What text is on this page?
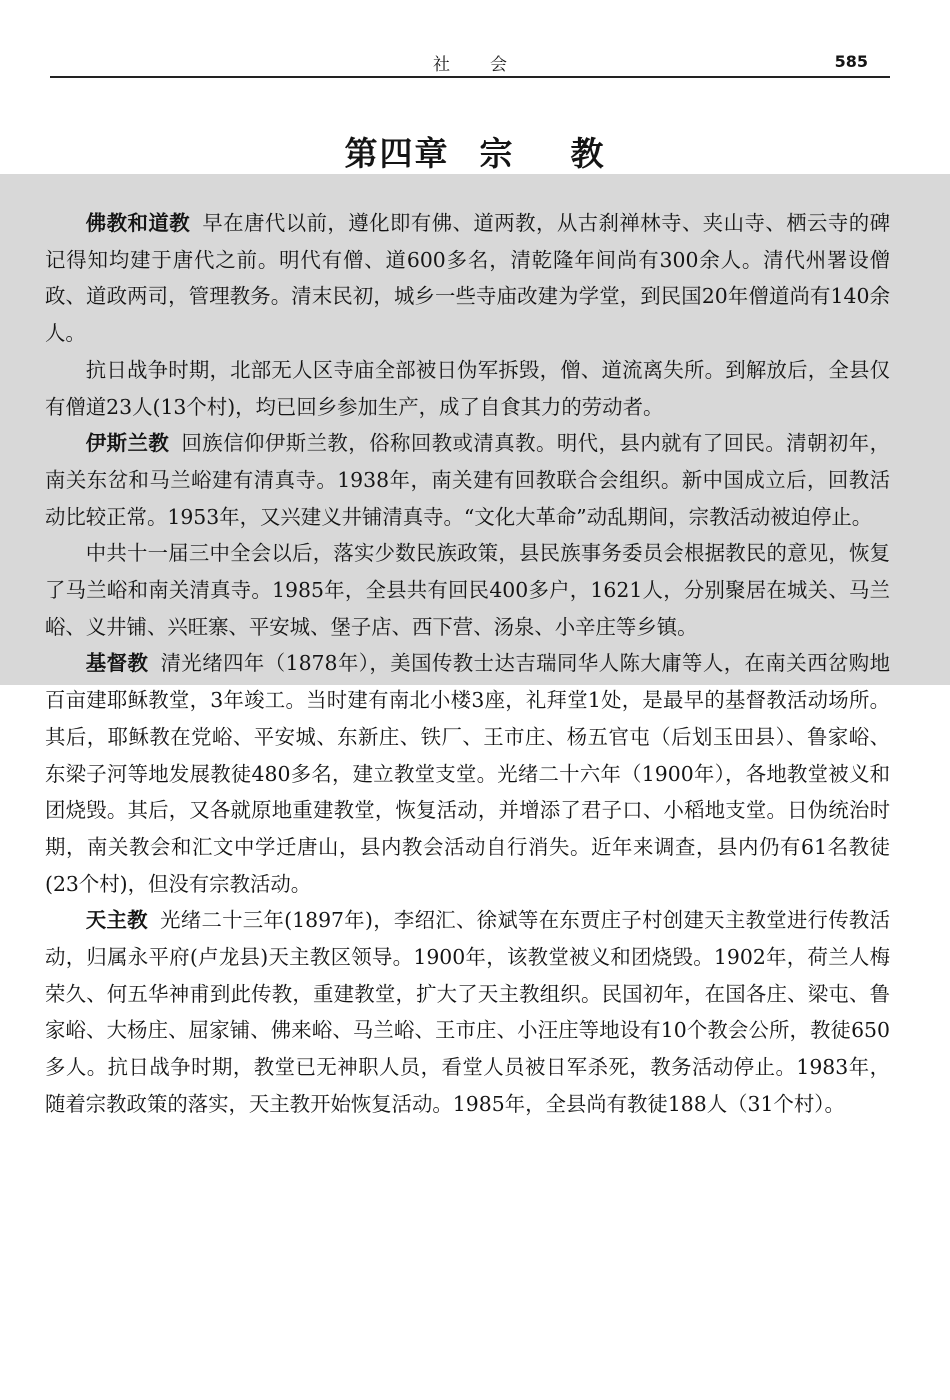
社会	585
第四章 宗 教

佛教和道教 早在唐代以前，遵化即有佛、道两教，从古刹禅林寺、夹山寺、栖云寺的碑记得知均建于唐代之前。明代有僧、道600多名，清乾隆年间尚有300余人。清代州署设僧政、道政两司，管理教务。清末民初，城乡一些寺庙改建为学堂，到民国20年僧道尚有140余人。

抗日战争时期，北部无人区寺庙全部被日伪军拆毁，僧、道流离失所。到解放后，全县仅有僧道23人(13个村)，均已回乡参加生产，成了自食其力的劳动者。

伊斯兰教 回族信仰伊斯兰教，俗称回教或清真教。明代，县内就有了回民。清朝初年，南关东岔和马兰峪建有清真寺。1938年，南关建有回教联合会组织。新中国成立后，回教活动比较正常。1953年，又兴建义井铺清真寺。“文化大革命”动乱期间，宗教活动被迫停止。

中共十一届三中全会以后，落实少数民族政策，县民族事务委员会根据教民的意见，恢复了马兰峪和南关清真寺。1985年，全县共有回民400多户，1621人，分别聚居在城关、马兰峪、义井铺、兴旺寨、平安城、堡子店、西下营、汤泉、小辛庄等乡镇。

基督教 清光绪四年（1878年），美国传教士达吉瑞同华人陈大庸等人，在南关西岔购地百亩建耶稣教堂，3年竣工。当时建有南北小楼3座，礼拜堂1处，是最早的基督教活动场所。其后，耶稣教在党峪、平安城、东新庄、铁厂、王市庄、杨五官屯（后划玉田县）、鲁家峪、东梁子河等地发展教徒480多名，建立教堂支堂。光绪二十六年（1900年），各地教堂被义和团烧毁。其后，又各就原地重建教堂，恢复活动，并增添了君子口、小稻地支堂。日伪统治时期，南关教会和汇文中学迁唐山，县内教会活动自行消失。近年来调查，县内仍有61名教徒(23个村)，但没有宗教活动。

天主教 光绪二十三年(1897年)，李绍汇、徐斌等在东贾庄子村创建天主教堂进行传教活动，归属永平府(卢龙县)天主教区领导。1900年，该教堂被义和团烧毁。1902年，荷兰人梅荣久、何五华神甫到此传教，重建教堂，扩大了天主教组织。民国初年，在国各庄、梁屯、鲁家峪、大杨庄、屈家铺、佛来峪、马兰峪、王市庄、小汪庄等地设有10个教会公所，教徒650多人。抗日战争时期，教堂已无神职人员，看堂人员被日军杀死，教务活动停止。1983年，随着宗教政策的落实，天主教开始恢复活动。1985年，全县尚有教徒188人（31个村）。
